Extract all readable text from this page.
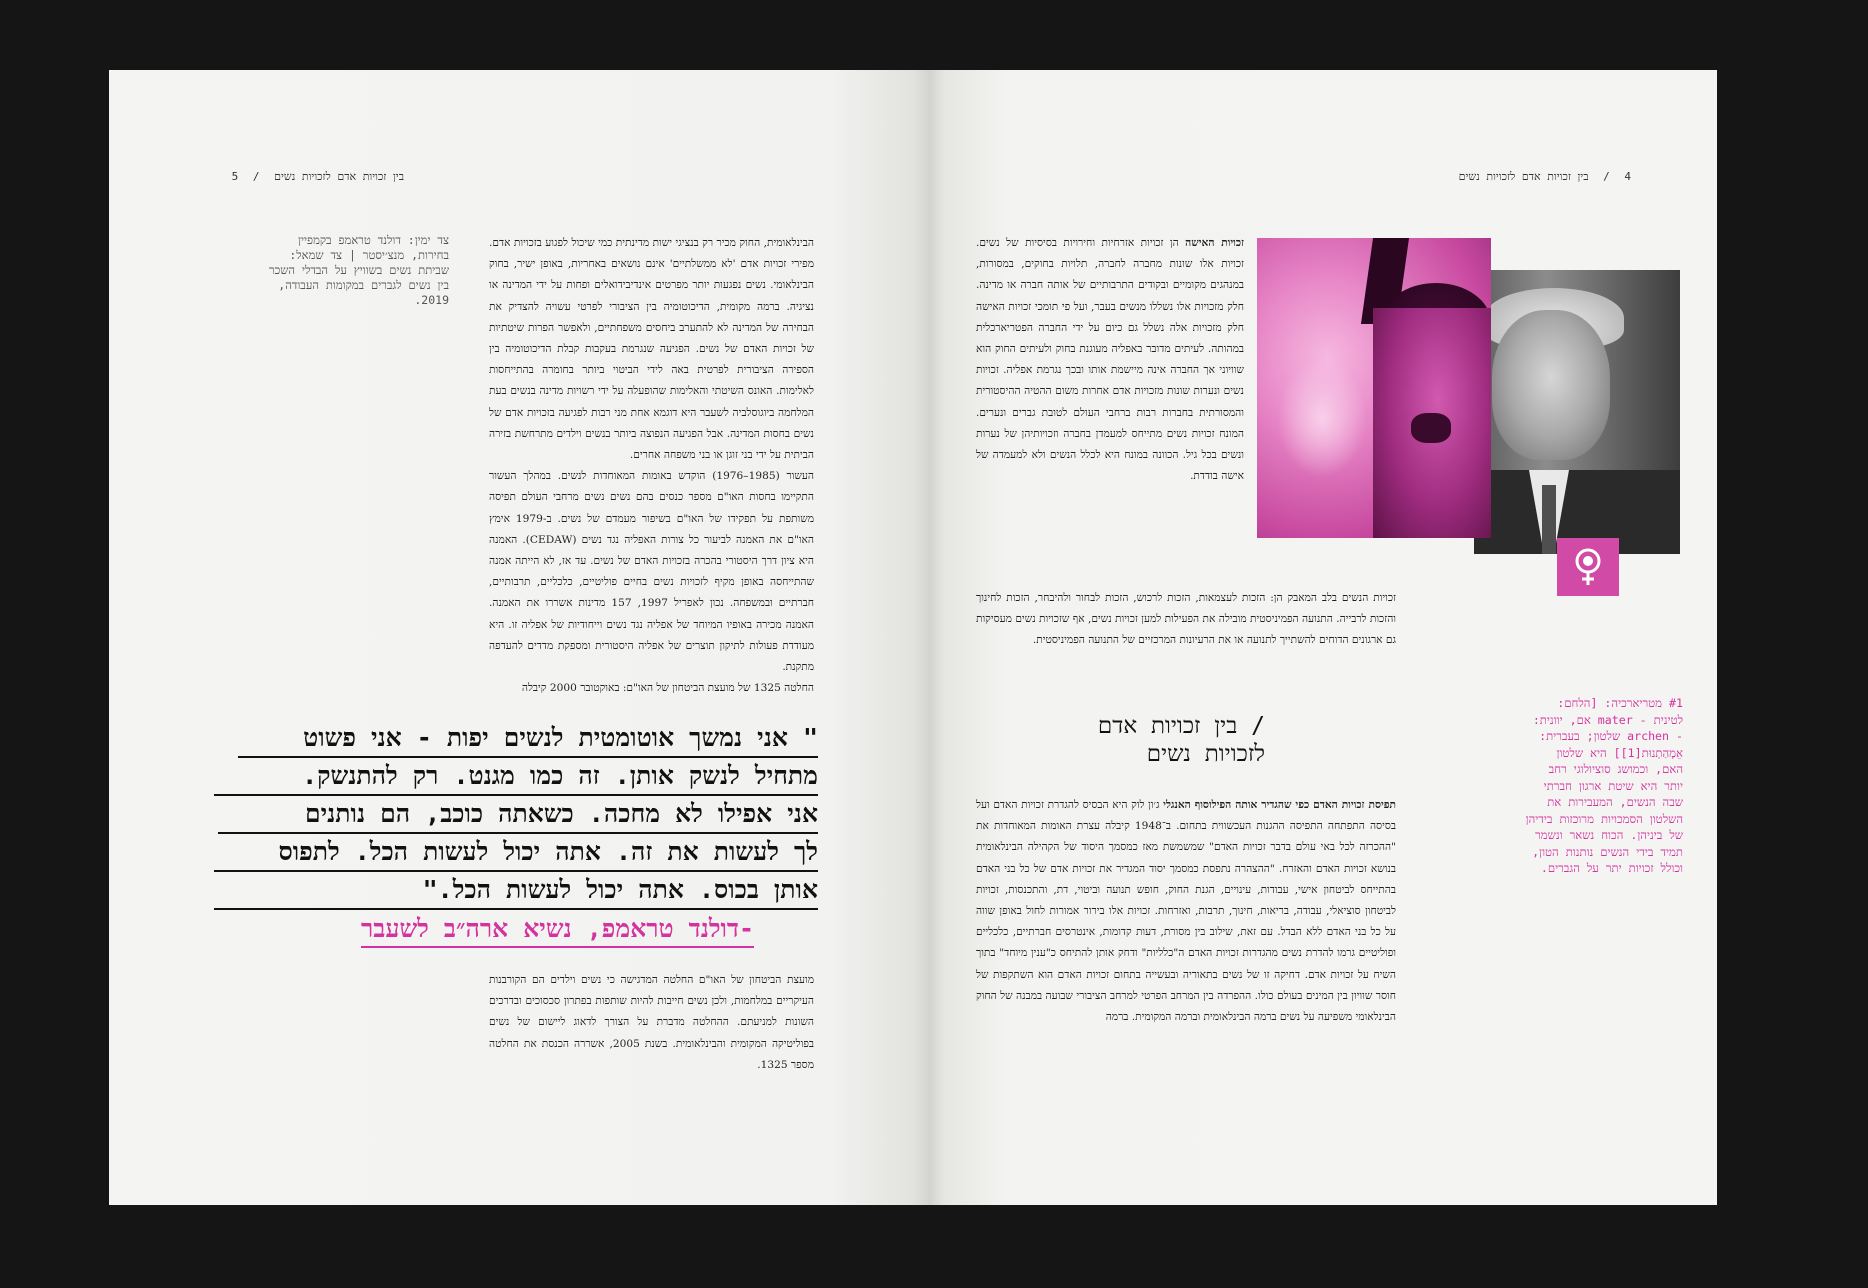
בין זכויות אדם לזכויות נשים / 5
צד ימין: דולנד טראמפ בקמפיין בחירות, מנצ׳יסטר | צד שמאל: שביתת נשים בשוויץ על הבדלי השכר בין נשים לגברים במקומות העבודה, 2019.

הבינלאומית, החוק מכיר רק בנציגי ישות מדינתית כמי שיכול לפגוע בזכויות אדם. מפירי זכויות אדם 'לא ממשלתיים' אינם נושאים באחריות, באופן ישיר, בחוק הבינלאומי. נשים נפגעות יותר מפרטים אינדיבידואלים ופחות על ידי המדינה או נציגיה. ברמה מקומית, הדיכוטומיה בין הציבורי לפרטי עשויה להצדיק את הבחירה של המדינה לא להתערב ביחסים משפחתיים, ולאפשר הפרות שיטתיות של זכויות האדם של נשים. הפגיעה שנגרמת בעקבות קבלת הדיכוטומיה בין הספירה הציבורית לפרטית באה לידי הביטוי ביותר בחומרה בהתייחסות לאלימות. האונס השיטתי והאלימות שהופעלה על ידי רשויות מדינה בנשים בעת המלחמה ביוגוסלביה לשעבר היא דוגמא אחת מני רבות לפגיעה בזכויות אדם של נשים בחסות המדינה. אבל הפגיעה הנפוצה ביותר בנשים וילדים מתרחשת בזירה הביתית על ידי בני זוגן או בני משפחה אחרים.

העשור (1985–1976) הוקדש באומות המאוחדות לנשים. במהלך העשור התקיימו בחסות האו"ם מספר כנסים בהם נשים נשים מרחבי העולם תפיסה משותפת על תפקידו של האו"ם בשיפור מעמדם של נשים. ב-1979 אימץ האו"ם את האמנה לביעור כל צורות האפליה נגד נשים (CEDAW). האמנה היא ציון דרך היסטורי בהכרה בזכויות האדם של נשים. עד אז, לא הייתה אמנה שהתייחסה באופן מקיף לזכויות נשים בחיים פוליטיים, כלכליים, תרבותיים, חברתיים ובמשפחה. נכון לאפריל 1997, 157 מדינות אשררו את האמנה. האמנה מכירה באופיו המיוחד של אפליה נגד נשים וייחודיות של אפליה זו. היא מעודדת פעולות לתיקון תוצרים של אפליה היסטורית ומספקת מדדים להעדפה מתקנת.

החלטה 1325 של מועצת הביטחון של האו"ם: באוקטובר 2000 קיבלה

" אני נמשך אוטומטית לנשים יפות - אני פשוט
מתחיל לנשק אותן. זה כמו מגנט. רק להתנשק.
אני אפילו לא מחכה. כשאתה כוכב, הם נותנים
לך לעשות את זה. אתה יכול לעשות הכל. לתפוס
אותן בכוס. אתה יכול לעשות הכל."
-דולנד טראמפ, נשיא ארה״ב לשעבר

מועצת הביטחון של האו"ם החלטה המדגישה כי נשים וילדים הם הקורבנות העיקריים במלחמות, ולכן נשים חייבות להיות שותפות בפתרון סכסוכים ובדרכים השונות למניעתם. ההחלטה מדברת על הצורך לדאוג ליישום של נשים בפוליטיקה המקומית והבינלאומית. בשנת 2005, אשררה הכנסת את החלטה מספר 1325.

4 / בין זכויות אדם לזכויות נשים

זכויות האישה הן זכויות אזרחיות וחירויות בסיסיות של נשים. זכויות אלו שונות מחברה לחברה, תלויות בחוקים, במסורות, במנהגים מקומיים ובקודים התרבותיים של אותה חברה או מדינה. חלק מזכויות אלו נשללו מנשים בעבר, ועל פי תומכי זכויות האישה חלק מזכויות אלה נשלל גם כיום על ידי החברה הפטריארכלית במהותה. לעיתים מדובר באפליה מעוגנת בחוק ולעיתים החוק הוא שוויוני אך החברה אינה מיישמת אותו ובכך נגרמת אפליה. זכויות נשים ונערות שונות מזכויות אדם אחרות משום ההטיה ההיסטורית והמסורתית בחברות רבות ברחבי העולם לטובת גברים ונערים. המונח זכויות נשים מתייחס למעמדן בחברה וזכויותיהן של נערות ונשים בכל גיל. הכוונה במונח היא לכלל הנשים ולא למעמדה של אישה בודדת.

זכויות הנשים בלב המאבק הן: הזכות לעצמאות, הזכות לרכוש, הזכות לבחור ולהיבחר, הזכות לחינוך והזכות לרבייה. התנועה הפמיניסטית מובילה את הפעילות למען זכויות נשים, אף שזכויות נשים מעסיקות גם ארגונים הדוחים להשתייך לתנועה או את הרעיונות המרכזיים של התנועה הפמיניסטית.

/ בין זכויות אדם
לזכויות נשים
#1 מטריארכיה: [הלחם: לטינית - mater אם, יוונית: - archen שלטון; בעברית: אֵמָהַתְנוּת[1]] היא שלטון האם, וכמושג סוציולוגי רחב יותר היא שיטת ארגון חברתי שבה הנשים, המעבירות את השלטון הסמכויות מרוכזות בידיהן של ביניהן. הכוח נשאר ונשמר תמיד בידי הנשים נותנות הטון, וכולל זכויות יתר על הגברים.

תפיסת זכויות האדם כפי שהגדיר אותה הפילוסוף האנגלי ג׳ון לוק היא הבסיס להגדרת זכויות האדם ועל בסיסה התפתחה התפיסה ההגנות העכשווית בתחום. ב־1948 קיבלה עצרת האומות המאוחדות את "ההכרזה לכל באי עולם בדבר זכויות האדם" שמשמשת מאז כמסמך היסוד של הקהילה הבינלאומית בנושא זכויות האדם והאזרח. "ההצהרה נתפסת כמסמך יסוד המגדיר את זכויות אדם של כל בני האדם בהתייחס לביטחון אישי, עבודות, עינויים, הגנת החוק, חופש תנועה וביטוי, דת, והתכנסות, זכויות לביטחון סוציאלי, עבודה, בריאות, חינוך, תרבות, ואזרחות. זכויות אלו בירור אמורות לחול באופן שווה על כל בני האדם ללא הבדל. עם זאת, שילוב בין מסורת, דעות קדומות, אינטרסים חברתיים, כלכליים ופוליטיים גרמו להדרת נשים מהגדרות זכויות האדם ה"כלליות" ודחק אותן להתיחס כ"ענין מיוחד" בתוך השיח על זכויות אדם. דחיקה זו של נשים בתאוריה ובעשייה בתחום זכויות האדם הוא השתקפות של חוסר שוויון בין המינים בעולם כולו. ההפרדה בין המרחב הפרטי למרחב הציבורי שבועה במבנה של החוק הבינלאומי משפיעה על נשים ברמה הבינלאומית וברמה המקומית. ברמה
